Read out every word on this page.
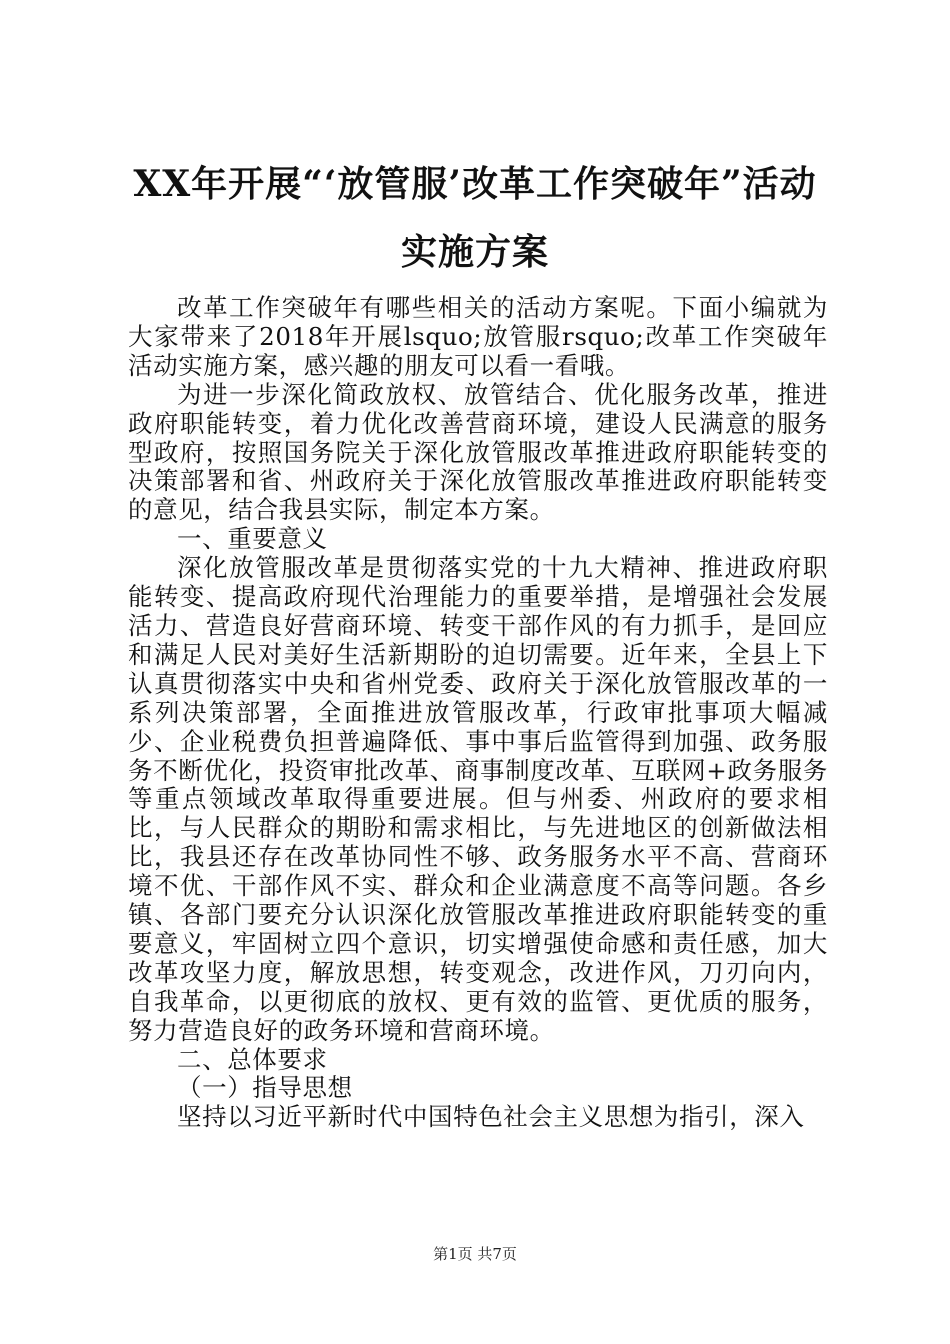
XX年开展“‘放管服’改革工作突破年”活动实施方案

改革工作突破年有哪些相关的活动方案呢。下面小编就为大家带来了2018年开展lsquo;放管服rsquo;改革工作突破年活动实施方案，感兴趣的朋友可以看一看哦。

为进一步深化简政放权、放管结合、优化服务改革，推进政府职能转变，着力优化改善营商环境，建设人民满意的服务型政府，按照国务院关于深化放管服改革推进政府职能转变的决策部署和省、州政府关于深化放管服改革推进政府职能转变的意见，结合我县实际，制定本方案。

一、重要意义

深化放管服改革是贯彻落实党的十九大精神、推进政府职能转变、提高政府现代治理能力的重要举措，是增强社会发展活力、营造良好营商环境、转变干部作风的有力抓手，是回应和满足人民对美好生活新期盼的迫切需要。近年来，全县上下认真贯彻落实中央和省州党委、政府关于深化放管服改革的一系列决策部署，全面推进放管服改革，行政审批事项大幅减少、企业税费负担普遍降低、事中事后监管得到加强、政务服务不断优化，投资审批改革、商事制度改革、互联网+政务服务等重点领域改革取得重要进展。但与州委、州政府的要求相比，与人民群众的期盼和需求相比，与先进地区的创新做法相比，我县还存在改革协同性不够、政务服务水平不高、营商环境不优、干部作风不实、群众和企业满意度不高等问题。各乡镇、各部门要充分认识深化放管服改革推进政府职能转变的重要意义，牢固树立四个意识，切实增强使命感和责任感，加大改革攻坚力度，解放思想，转变观念，改进作风，刀刃向内，自我革命，以更彻底的放权、更有效的监管、更优质的服务，努力营造良好的政务环境和营商环境。

二、总体要求

（一）指导思想

坚持以习近平新时代中国特色社会主义思想为指引，深入

第1页 共7页
